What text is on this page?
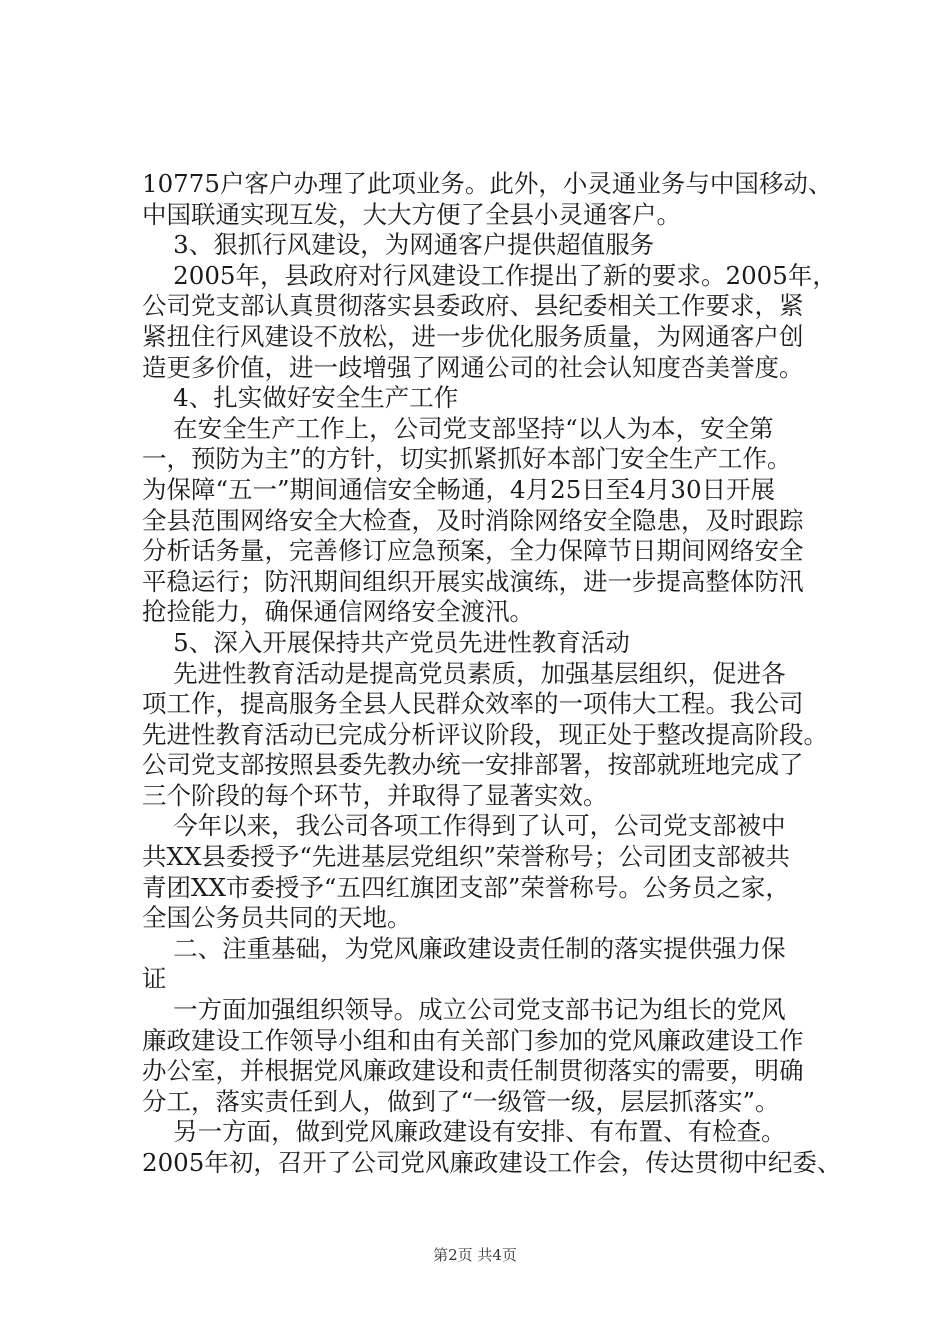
10775户客户办理了此项业务。此外，小灵通业务与中国移动、
中国联通实现互发，大大方便了全县小灵通客户。
3、狠抓行风建设，为网通客户提供超值服务
2005年，县政府对行风建设工作提出了新的要求。2005年，
公司党支部认真贯彻落实县委政府、县纪委相关工作要求，紧
紧扭住行风建设不放松，进一步优化服务质量，为网通客户创
造更多价值，进一歧增强了网通公司的社会认知度呇美誉度。
4、扎实做好安全生产工作
在安全生产工作上，公司党支部坚持“以人为本，安全第
一，预防为主”的方针，切实抓紧抓好本部门安全生产工作。
为保障“五一”期间通信安全畅通，4月25日至4月30日开展
全县范围网络安全大检查，及时消除网络安全隐患，及时跟踪
分析话务量，完善修订应急预案，全力保障节日期间网络安全
平稳运行；防汛期间组织开展实战演练，进一步提高整体防汛
抢捡能力，确保通信网络安全渡汛。
5、深入开展保持共产党员先进性教育活动
先进性教育活动是提高党员素质，加强基层组织，促进各
项工作，提高服务全县人民群众效率的一项伟大工程。我公司
先进性教育活动已完成分析评议阶段，现正处于整改提高阶段。
公司党支部按照县委先教办统一安排部署，按部就班地完成了
三个阶段的每个环节，并取得了显著实效。
今年以来，我公司各项工作得到了认可，公司党支部被中
共XX县委授予“先进基层党组织”荣誉称号；公司团支部被共
青团XX市委授予“五四红旗团支部”荣誉称号。公务员之家，
全国公务员共同的天地。
二、注重基础，为党风廉政建设责任制的落实提供强力保
证
一方面加强组织领导。成立公司党支部书记为组长的党风
廉政建设工作领导小组和由有关部门参加的党风廉政建设工作
办公室，并根据党风廉政建设和责任制贯彻落实的需要，明确
分工，落实责任到人，做到了“一级管一级，层层抓落实”。
另一方面，做到党风廉政建设有安排、有布置、有检查。
2005年初，召开了公司党风廉政建设工作会，传达贯彻中纪委、
第2页 共4页
